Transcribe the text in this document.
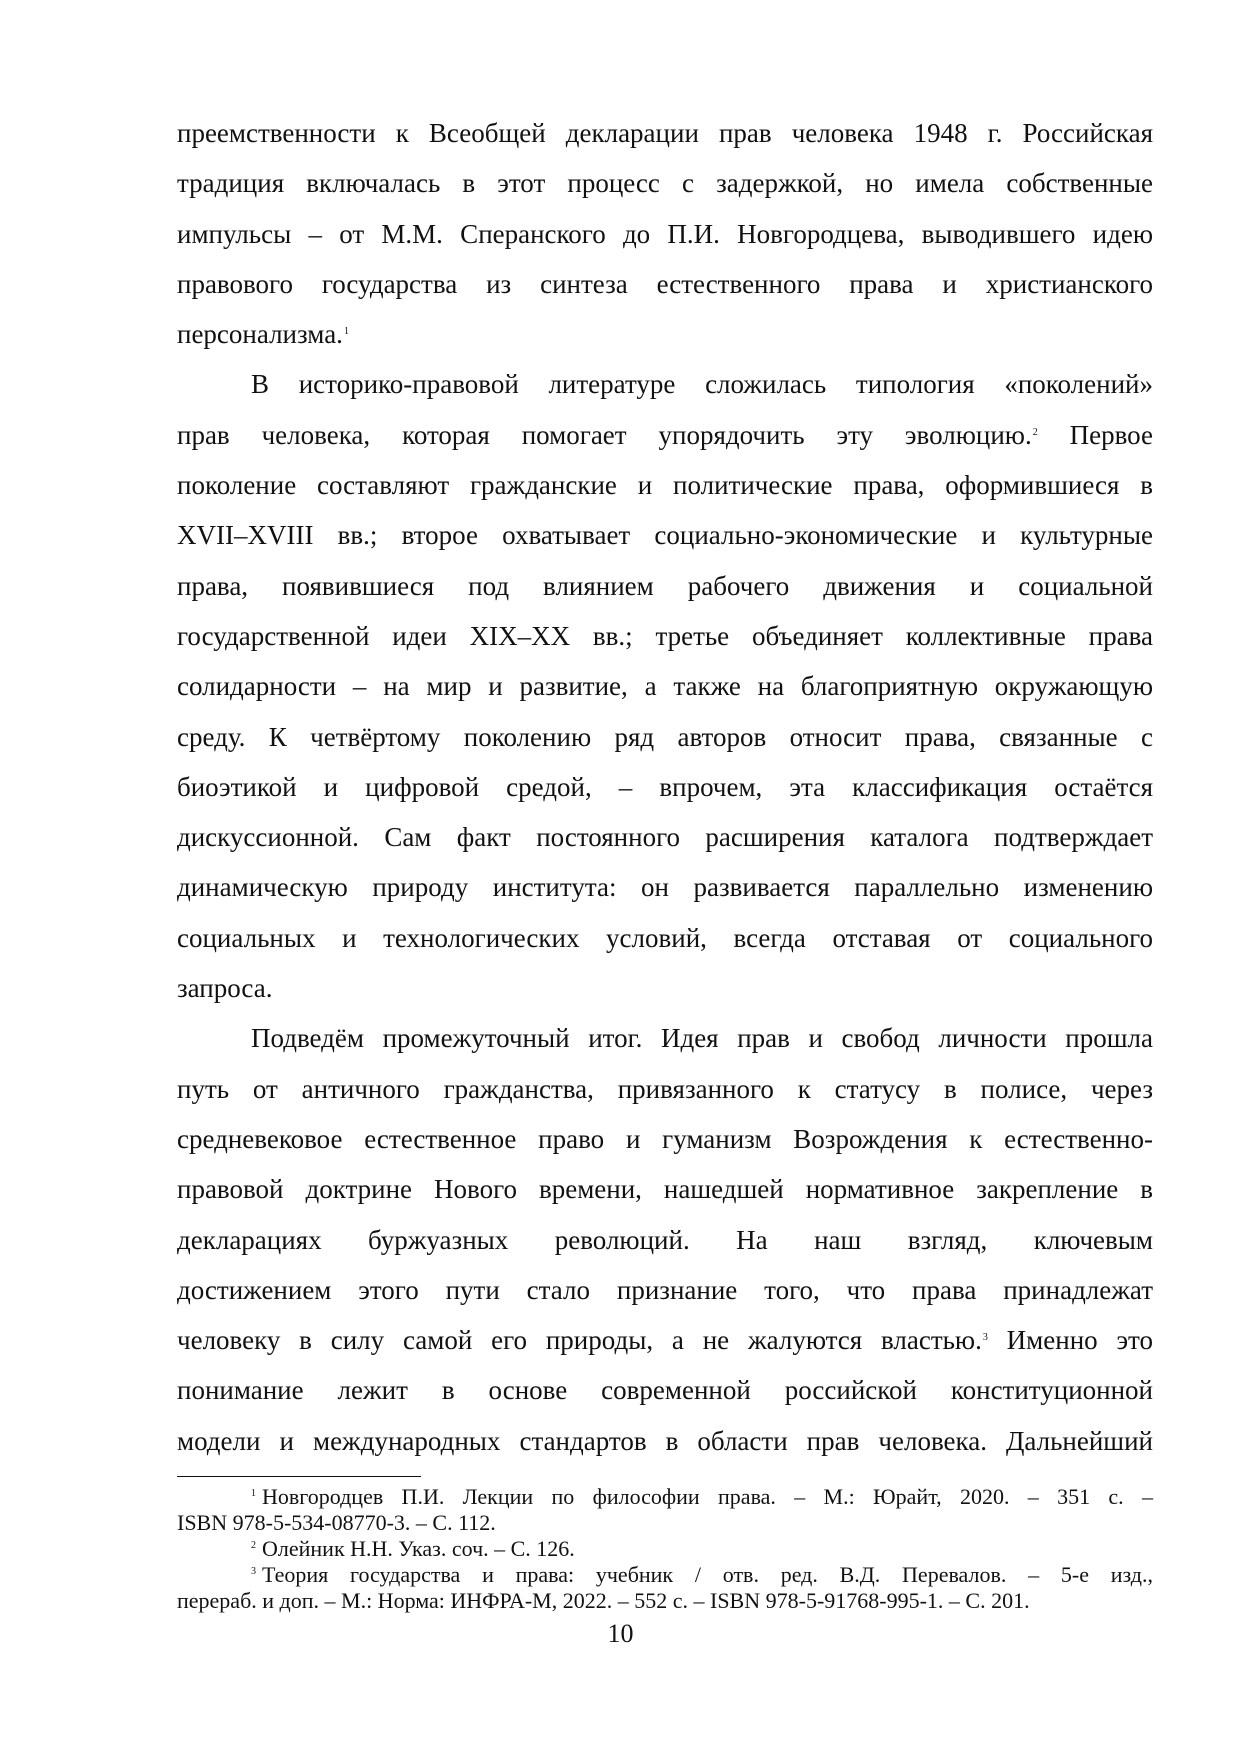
преемственности к Всеобщей декларации прав человека 1948 г. Российская
традиция включалась в этот процесс с задержкой, но имела собственные
импульсы – от М.М. Сперанского до П.И. Новгородцева, выводившего идею
правового государства из синтеза естественного права и христианского
персонализма.$^1$
В историко-правовой литературе сложилась типология «поколений»
прав человека, которая помогает упорядочить эту эволюцию.$^2$ Первое
поколение составляют гражданские и политические права, оформившиеся в
XVII–XVIII вв.; второе охватывает социально-экономические и культурные
права, появившиеся под влиянием рабочего движения и социальной
государственной идеи XIX–XX вв.; третье объединяет коллективные права
солидарности – на мир и развитие, а также на благоприятную окружающую
среду. К четвёртому поколению ряд авторов относит права, связанные с
биоэтикой и цифровой средой, – впрочем, эта классификация остаётся
дискуссионной. Сам факт постоянного расширения каталога подтверждает
динамическую природу института: он развивается параллельно изменению
социальных и технологических условий, всегда отставая от социального
запроса.
Подведём промежуточный итог. Идея прав и свобод личности прошла
путь от античного гражданства, привязанного к статусу в полисе, через
средневековое естественное право и гуманизм Возрождения к естественно-
правовой доктрине Нового времени, нашедшей нормативное закрепление в
декларациях буржуазных революций. На наш взгляд, ключевым
достижением этого пути стало признание того, что права принадлежат
человеку в силу самой его природы, а не жалуются властью.$^3$ Именно это
понимание лежит в основе современной российской конституционной
модели и международных стандартов в области прав человека. Дальнейший
$^1$ Новгородцев П.И. Лекции по философии права. – М.: Юрайт, 2020. – 351 с. –
ISBN 978-5-534-08770-3. – С. 112.
$^2$ Олейник Н.Н. Указ. соч. – С. 126.
$^3$ Теория государства и права: учебник / отв. ред. В.Д. Перевалов. – 5-е изд.,
перераб. и доп. – М.: Норма: ИНФРА-М, 2022. – 552 с. – ISBN 978-5-91768-995-1. – С. 201.
10
